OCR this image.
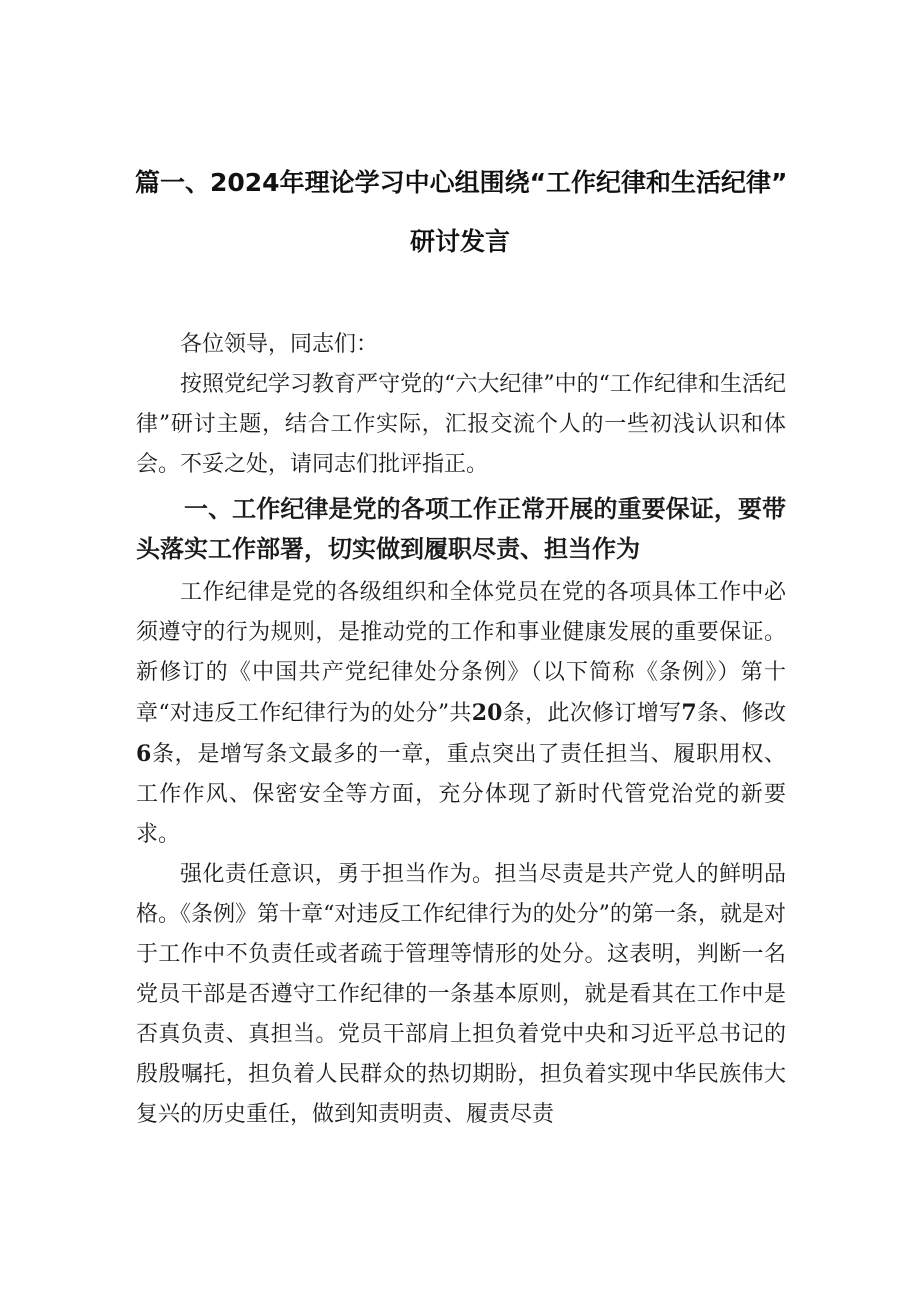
篇一、2024年理论学习中心组围绕“工作纪律和生活纪律”
研讨发言

各位领导，同志们：

按照党纪学习教育严守党的“六大纪律”中的“工作纪律和生活纪律”研讨主题，结合工作实际，汇报交流个人的一些初浅认识和体会。不妥之处，请同志们批评指正。

一、工作纪律是党的各项工作正常开展的重要保证，要带头落实工作部署，切实做到履职尽责、担当作为

工作纪律是党的各级组织和全体党员在党的各项具体工作中必须遵守的行为规则，是推动党的工作和事业健康发展的重要保证。新修订的《中国共产党纪律处分条例》（以下简称《条例》）第十章“对违反工作纪律行为的处分”共20条，此次修订增写7条、修改6条，是增写条文最多的一章，重点突出了责任担当、履职用权、工作作风、保密安全等方面，充分体现了新时代管党治党的新要求。

强化责任意识，勇于担当作为。担当尽责是共产党人的鲜明品格。《条例》第十章“对违反工作纪律行为的处分”的第一条，就是对于工作中不负责任或者疏于管理等情形的处分。这表明，判断一名党员干部是否遵守工作纪律的一条基本原则，就是看其在工作中是否真负责、真担当。党员干部肩上担负着党中央和习近平总书记的殷殷嘱托，担负着人民群众的热切期盼，担负着实现中华民族伟大复兴的历史重任，做到知责明责、履责尽责
